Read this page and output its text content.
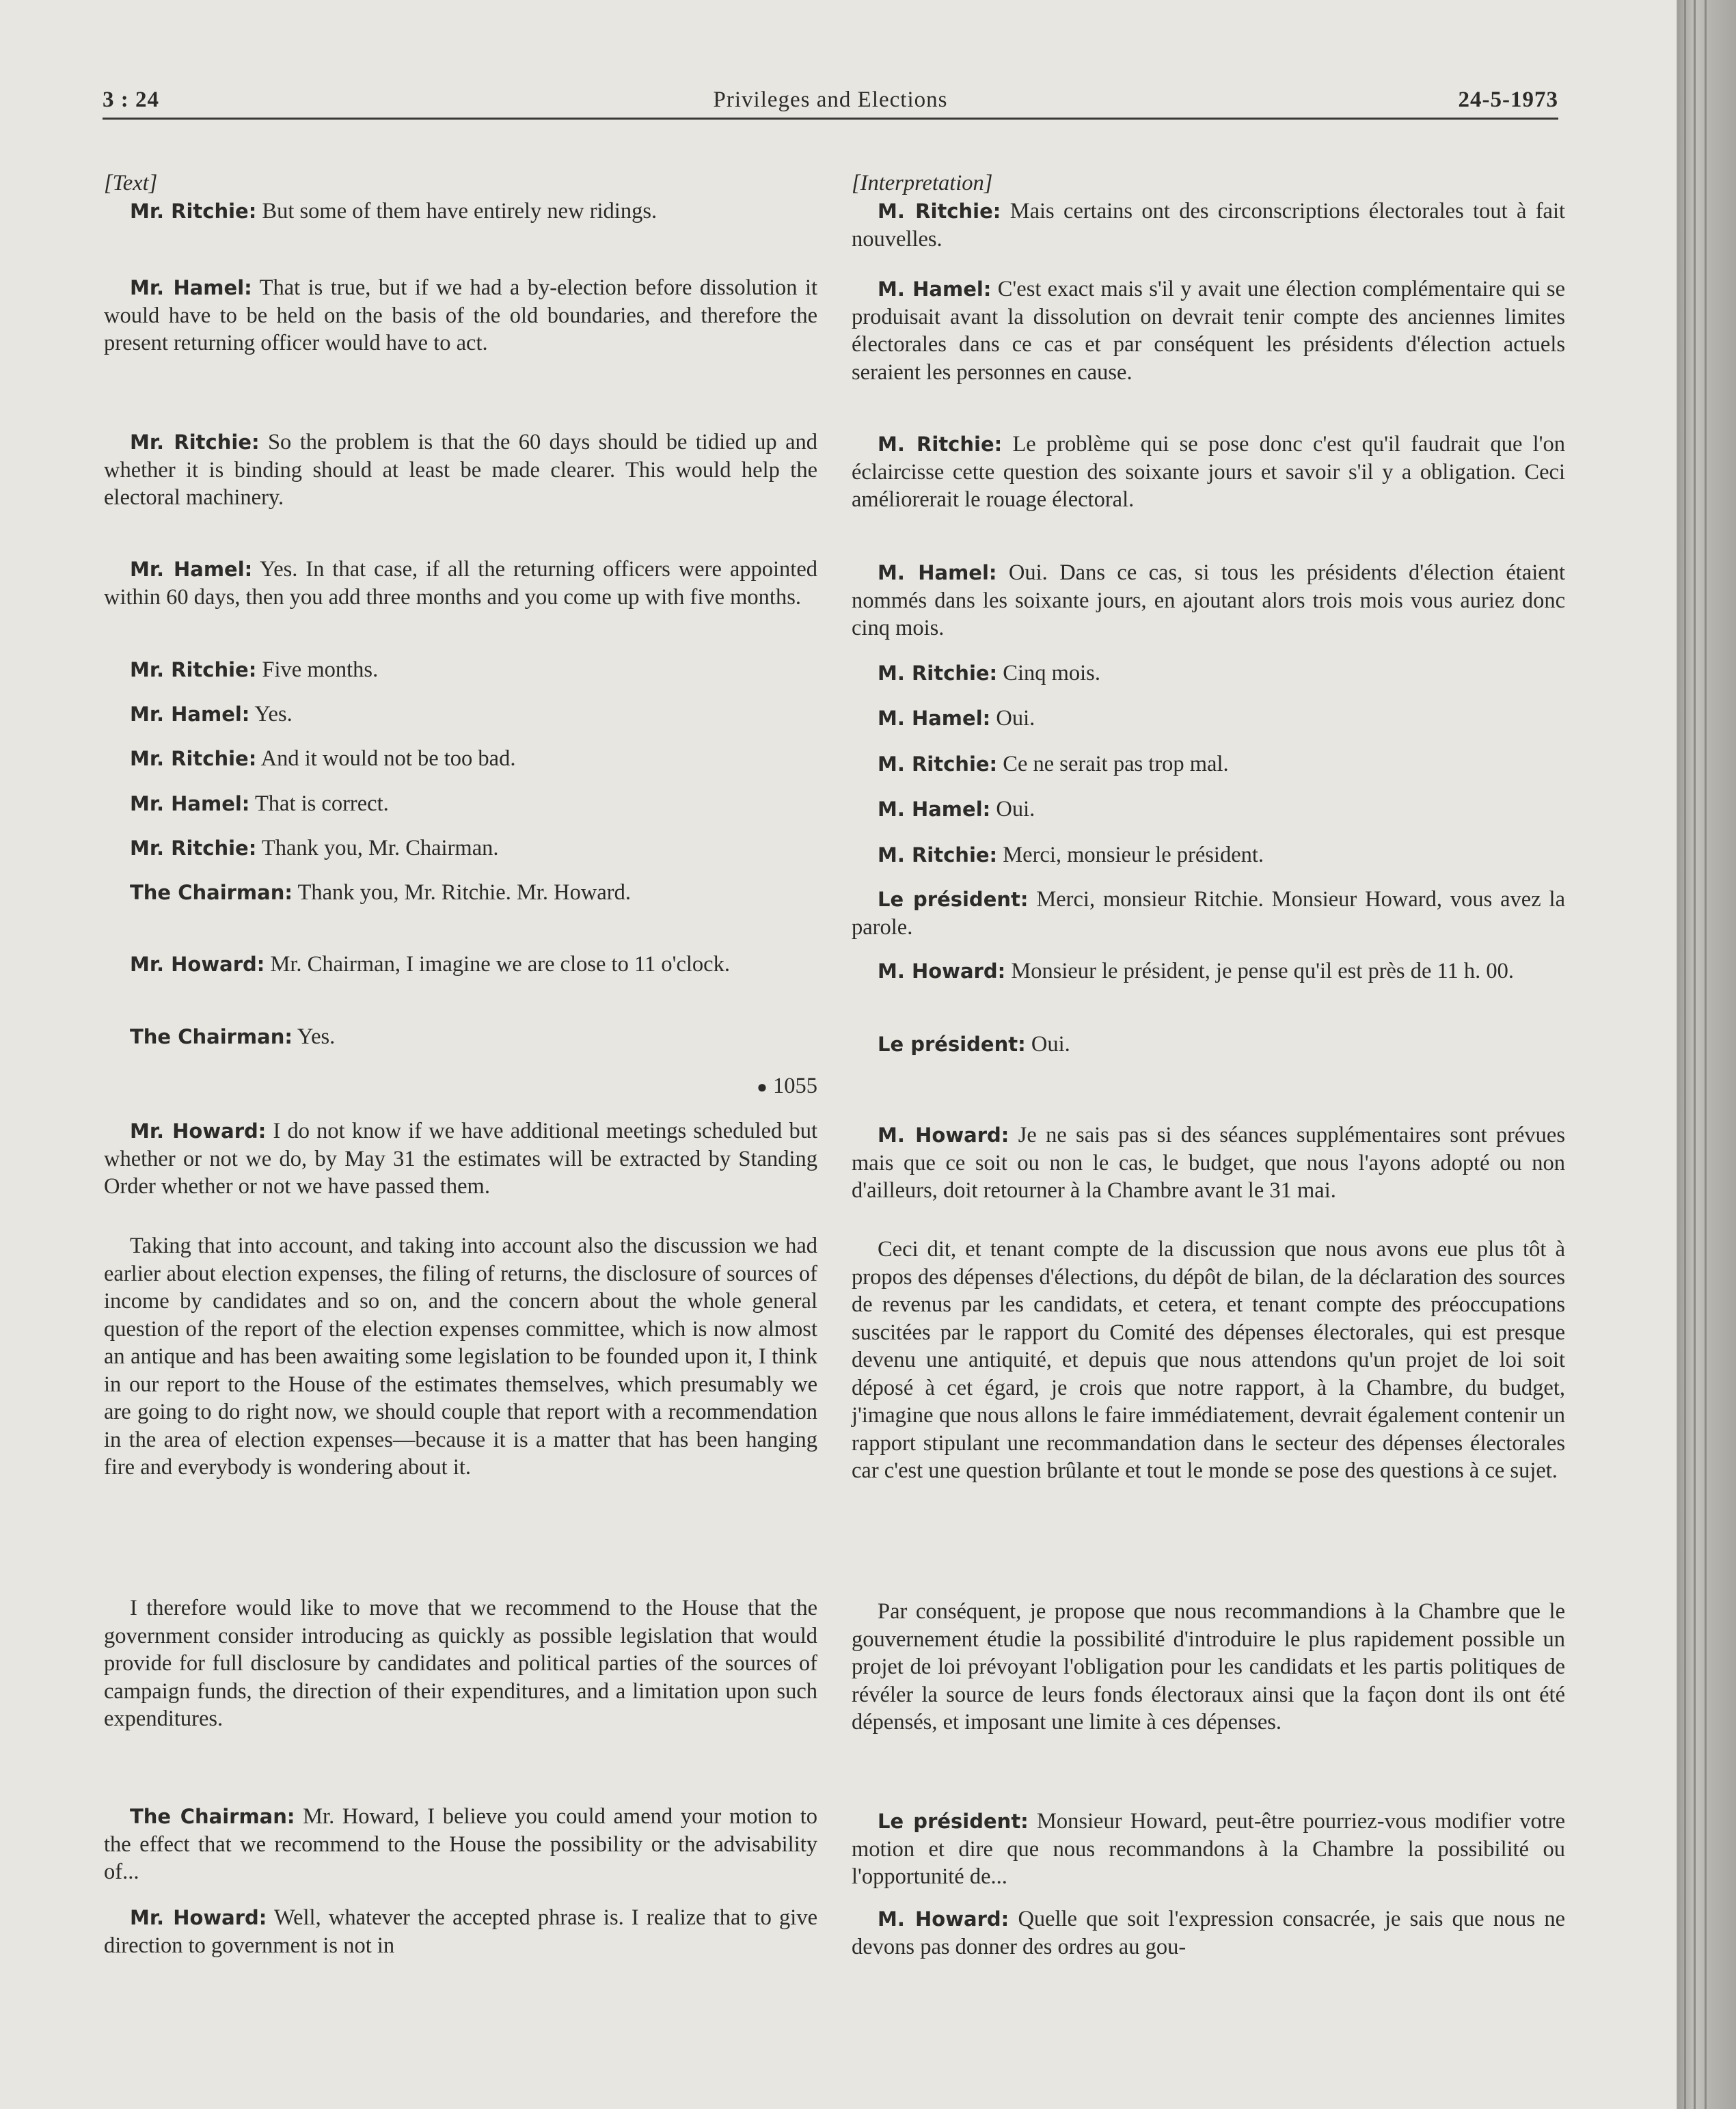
3 : 24	Privileges and Elections	24-5-1973

[Text]

Mr. Ritchie: But some of them have entirely new ridings.

Mr. Hamel: That is true, but if we had a by-election before dissolution it would have to be held on the basis of the old boundaries, and therefore the present returning officer would have to act.

Mr. Ritchie: So the problem is that the 60 days should be tidied up and whether it is binding should at least be made clearer. This would help the electoral machinery.

Mr. Hamel: Yes. In that case, if all the returning officers were appointed within 60 days, then you add three months and you come up with five months.

Mr. Ritchie: Five months.

Mr. Hamel: Yes.

Mr. Ritchie: And it would not be too bad.

Mr. Hamel: That is correct.

Mr. Ritchie: Thank you, Mr. Chairman.

The Chairman: Thank you, Mr. Ritchie. Mr. Howard.

Mr. Howard: Mr. Chairman, I imagine we are close to 11 o'clock.

The Chairman: Yes.

● 1055

Mr. Howard: I do not know if we have additional meetings scheduled but whether or not we do, by May 31 the estimates will be extracted by Standing Order whether or not we have passed them.

Taking that into account, and taking into account also the discussion we had earlier about election expenses, the filing of returns, the disclosure of sources of income by candidates and so on, and the concern about the whole general question of the report of the election expenses committee, which is now almost an antique and has been awaiting some legislation to be founded upon it, I think in our report to the House of the estimates themselves, which presumably we are going to do right now, we should couple that report with a recommendation in the area of election expenses—because it is a matter that has been hanging fire and everybody is wondering about it.

I therefore would like to move that we recommend to the House that the government consider introducing as quickly as possible legislation that would provide for full disclosure by candidates and political parties of the sources of campaign funds, the direction of their expenditures, and a limitation upon such expenditures.

The Chairman: Mr. Howard, I believe you could amend your motion to the effect that we recommend to the House the possibility or the advisability of...

Mr. Howard: Well, whatever the accepted phrase is. I realize that to give direction to government is not in

[Interpretation]

M. Ritchie: Mais certains ont des circonscriptions électorales tout à fait nouvelles.

M. Hamel: C'est exact mais s'il y avait une élection complémentaire qui se produisait avant la dissolution on devrait tenir compte des anciennes limites électorales dans ce cas et par conséquent les présidents d'élection actuels seraient les personnes en cause.

M. Ritchie: Le problème qui se pose donc c'est qu'il faudrait que l'on éclaircisse cette question des soixante jours et savoir s'il y a obligation. Ceci améliorerait le rouage électoral.

M. Hamel: Oui. Dans ce cas, si tous les présidents d'élection étaient nommés dans les soixante jours, en ajoutant alors trois mois vous auriez donc cinq mois.

M. Ritchie: Cinq mois.

M. Hamel: Oui.

M. Ritchie: Ce ne serait pas trop mal.

M. Hamel: Oui.

M. Ritchie: Merci, monsieur le président.

Le président: Merci, monsieur Ritchie. Monsieur Howard, vous avez la parole.

M. Howard: Monsieur le président, je pense qu'il est près de 11 h. 00.

Le président: Oui.

M. Howard: Je ne sais pas si des séances supplémentaires sont prévues mais que ce soit ou non le cas, le budget, que nous l'ayons adopté ou non d'ailleurs, doit retourner à la Chambre avant le 31 mai.

Ceci dit, et tenant compte de la discussion que nous avons eue plus tôt à propos des dépenses d'élections, du dépôt de bilan, de la déclaration des sources de revenus par les candidats, et cetera, et tenant compte des préoccupations suscitées par le rapport du Comité des dépenses électorales, qui est presque devenu une antiquité, et depuis que nous attendons qu'un projet de loi soit déposé à cet égard, je crois que notre rapport, à la Chambre, du budget, j'imagine que nous allons le faire immédiatement, devrait également contenir un rapport stipulant une recommandation dans le secteur des dépenses électorales car c'est une question brûlante et tout le monde se pose des questions à ce sujet.

Par conséquent, je propose que nous recommandions à la Chambre que le gouvernement étudie la possibilité d'introduire le plus rapidement possible un projet de loi prévoyant l'obligation pour les candidats et les partis politiques de révéler la source de leurs fonds électoraux ainsi que la façon dont ils ont été dépensés, et imposant une limite à ces dépenses.

Le président: Monsieur Howard, peut-être pourriez-vous modifier votre motion et dire que nous recommandons à la Chambre la possibilité ou l'opportunité de...

M. Howard: Quelle que soit l'expression consacrée, je sais que nous ne devons pas donner des ordres au gou-
